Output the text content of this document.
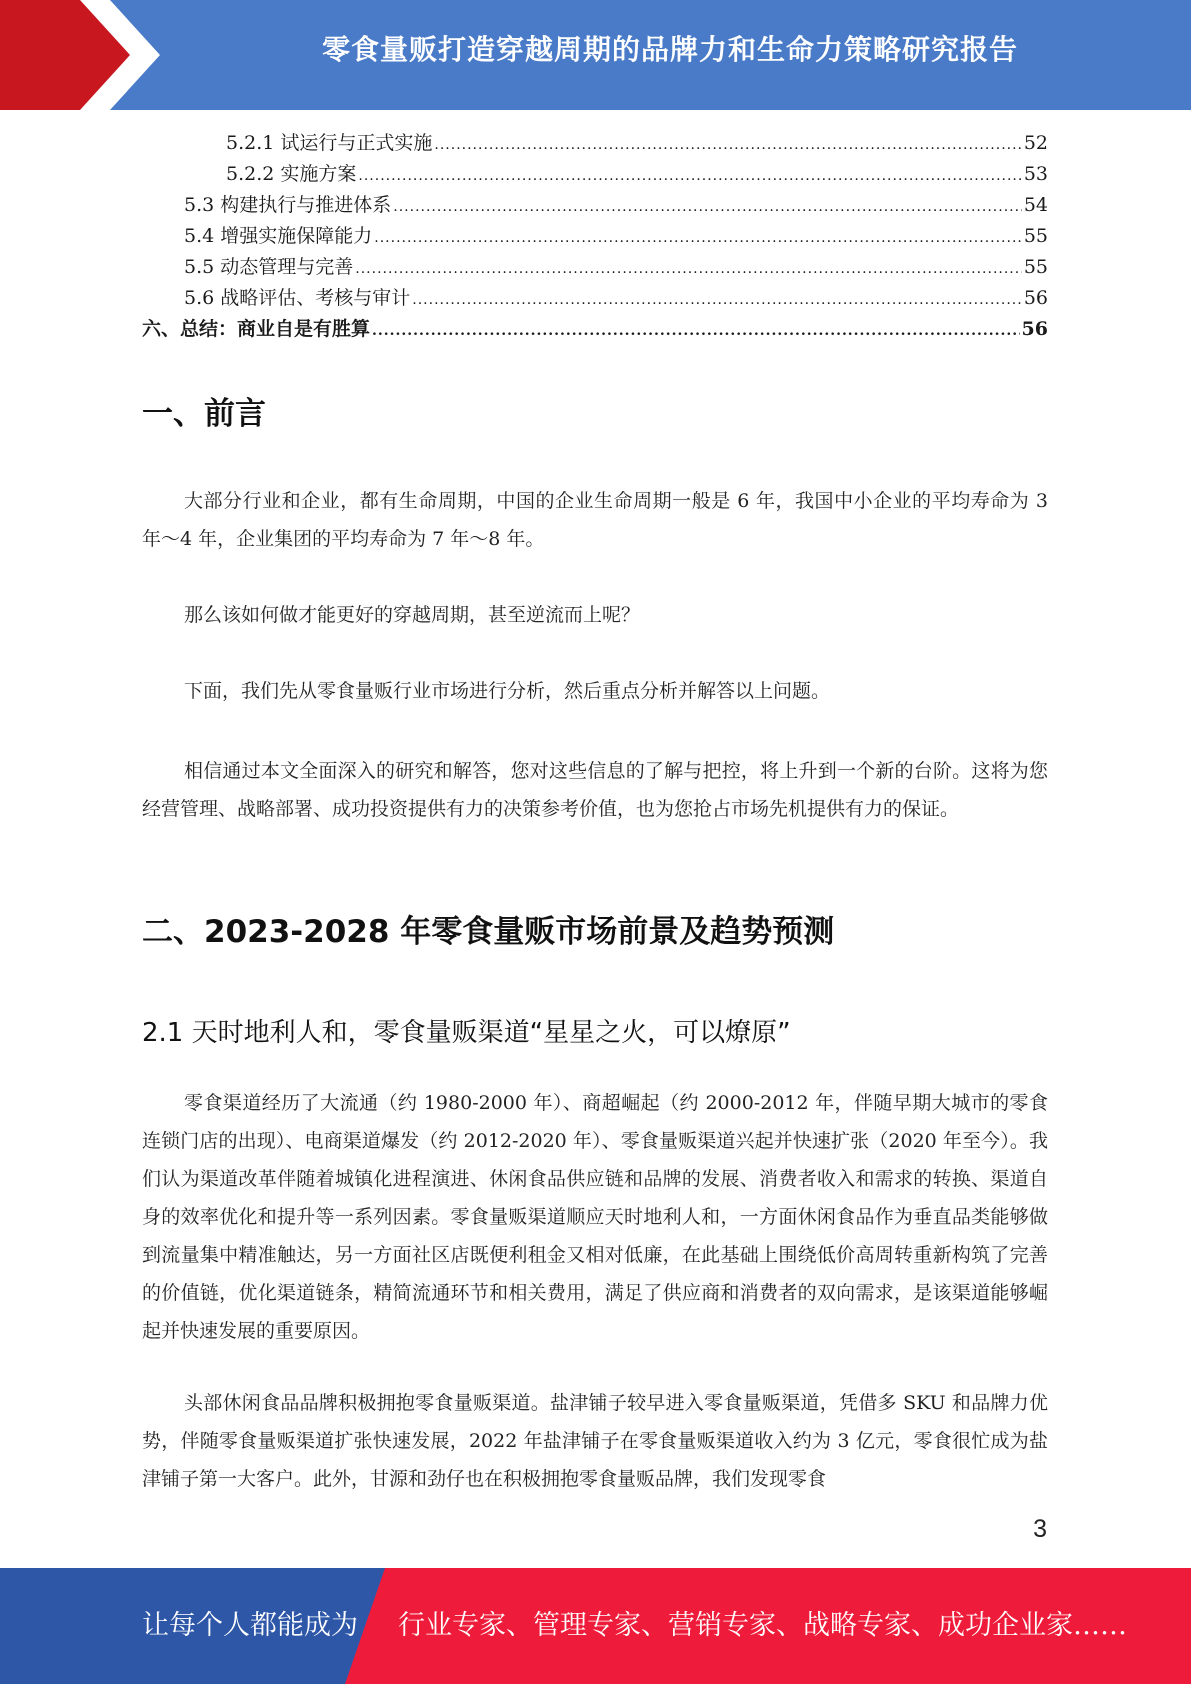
零食量贩打造穿越周期的品牌力和生命力策略研究报告
5.2.1 试运行与正式实施 .....	52
5.2.2 实施方案 .....	53
5.3 构建执行与推进体系 .....	54
5.4 增强实施保障能力 .....	55
5.5 动态管理与完善 .....	55
5.6 战略评估、考核与审计 .....	56
六、总结：商业自是有胜算 .....	56
一、前言

大部分行业和企业，都有生命周期，中国的企业生命周期一般是 6 年，我国中小企业的平均寿命为 3 年～4 年，企业集团的平均寿命为 7 年～8 年。

那么该如何做才能更好的穿越周期，甚至逆流而上呢？

下面，我们先从零食量贩行业市场进行分析，然后重点分析并解答以上问题。

相信通过本文全面深入的研究和解答，您对这些信息的了解与把控，将上升到一个新的台阶。这将为您经营管理、战略部署、成功投资提供有力的决策参考价值，也为您抢占市场先机提供有力的保证。

二、2023-2028 年零食量贩市场前景及趋势预测
2.1 天时地利人和，零食量贩渠道“星星之火，可以燎原”

零食渠道经历了大流通（约 1980-2000 年）、商超崛起（约 2000-2012 年，伴随早期大城市的零食连锁门店的出现）、电商渠道爆发（约 2012-2020 年）、零食量贩渠道兴起并快速扩张（2020 年至今）。我们认为渠道改革伴随着城镇化进程演进、休闲食品供应链和品牌的发展、消费者收入和需求的转换、渠道自身的效率优化和提升等一系列因素。零食量贩渠道顺应天时地利人和，一方面休闲食品作为垂直品类能够做到流量集中精准触达，另一方面社区店既便利租金又相对低廉，在此基础上围绕低价高周转重新构筑了完善的价值链，优化渠道链条，精简流通环节和相关费用，满足了供应商和消费者的双向需求，是该渠道能够崛起并快速发展的重要原因。

头部休闲食品品牌积极拥抱零食量贩渠道。盐津铺子较早进入零食量贩渠道，凭借多 SKU 和品牌力优势，伴随零食量贩渠道扩张快速发展，2022 年盐津铺子在零食量贩渠道收入约为 3 亿元，零食很忙成为盐津铺子第一大客户。此外，甘源和劲仔也在积极拥抱零食量贩品牌，我们发现零食

3
让每个人都能成为 行业专家、管理专家、营销专家、战略专家、成功企业家……
